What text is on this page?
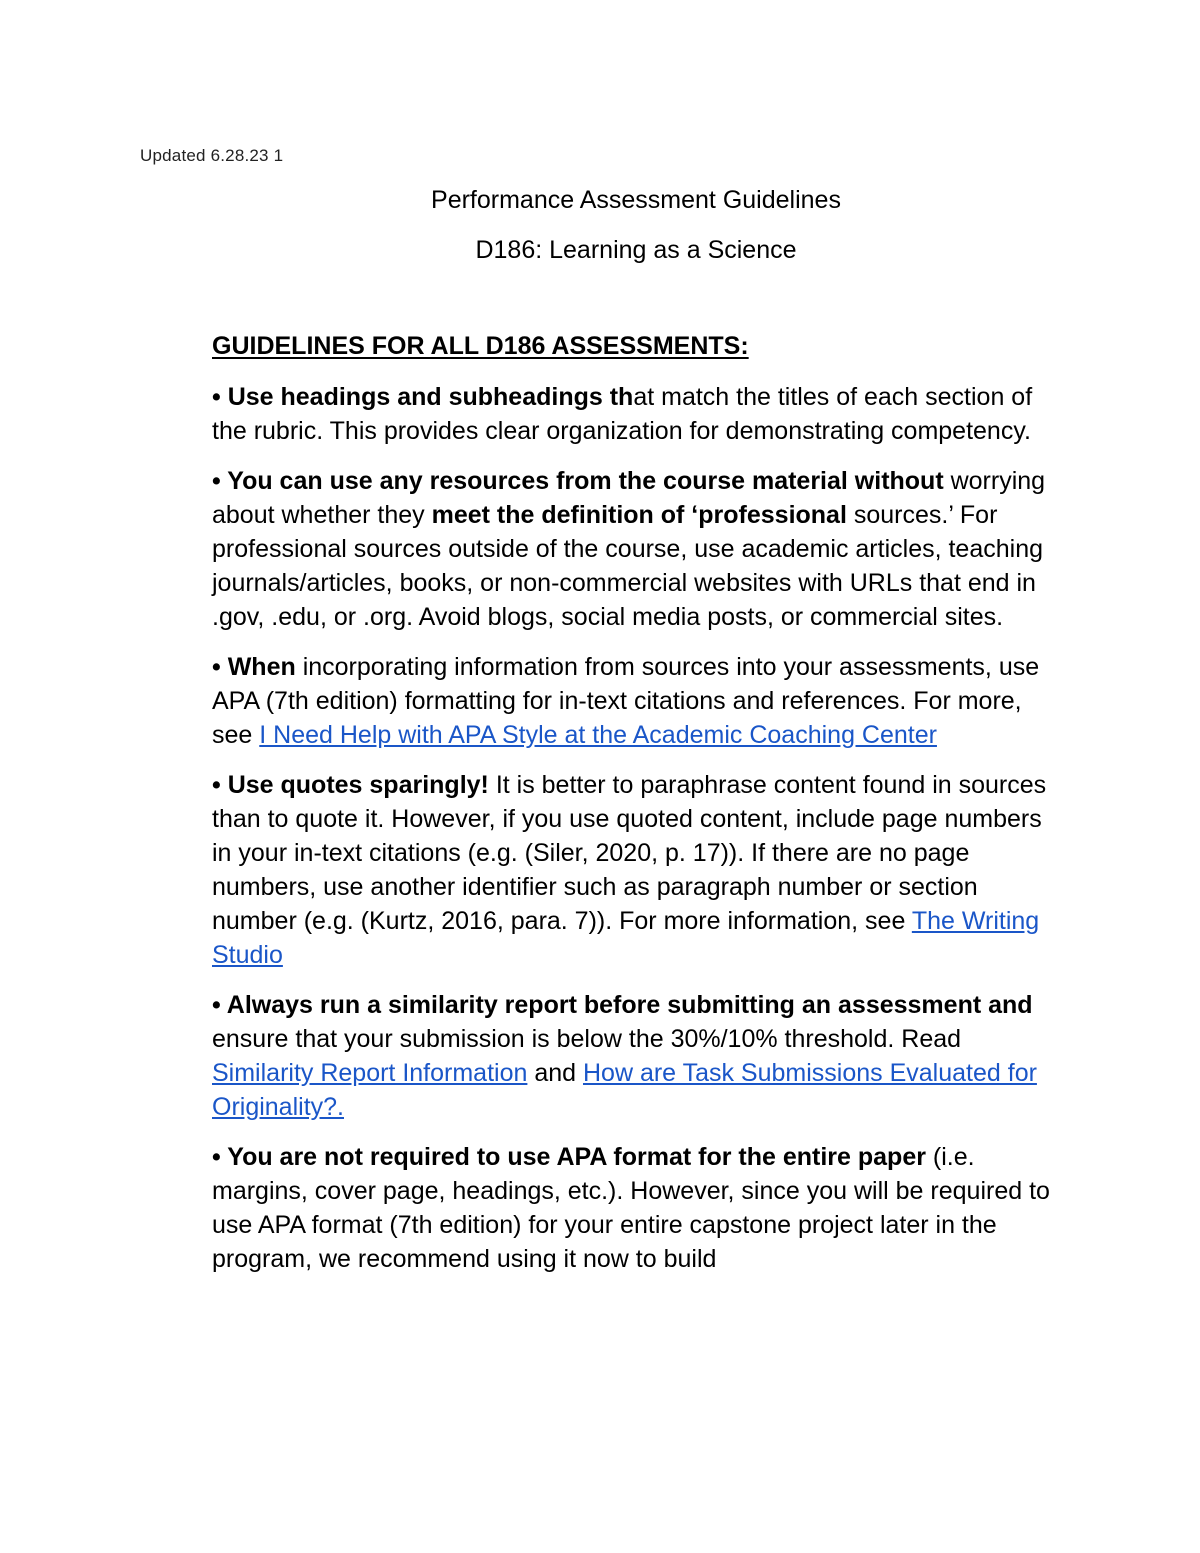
Updated 6.28.23 1
Performance Assessment Guidelines
D186: Learning as a Science
GUIDELINES FOR ALL D186 ASSESSMENTS:

• Use headings and subheadings that match the titles of each section of the rubric. This provides clear organization for demonstrating competency.

• You can use any resources from the course material without worrying about whether they meet the definition of ‘professional sources.’ For professional sources outside of the course, use academic articles, teaching journals/articles, books, or non-commercial websites with URLs that end in .gov, .edu, or .org. Avoid blogs, social media posts, or commercial sites.

• When incorporating information from sources into your assessments, use APA (7th edition) formatting for in-text citations and references. For more, see I Need Help with APA Style at the Academic Coaching Center

• Use quotes sparingly! It is better to paraphrase content found in sources than to quote it. However, if you use quoted content, include page numbers in your in-text citations (e.g. (Siler, 2020, p. 17)). If there are no page numbers, use another identifier such as paragraph number or section number (e.g. (Kurtz, 2016, para. 7)). For more information, see The Writing Studio

• Always run a similarity report before submitting an assessment and ensure that your submission is below the 30%/10% threshold. Read Similarity Report Information and How are Task Submissions Evaluated for Originality?.

• You are not required to use APA format for the entire paper (i.e. margins, cover page, headings, etc.). However, since you will be required to use APA format (7th edition) for your entire capstone project later in the program, we recommend using it now to build
